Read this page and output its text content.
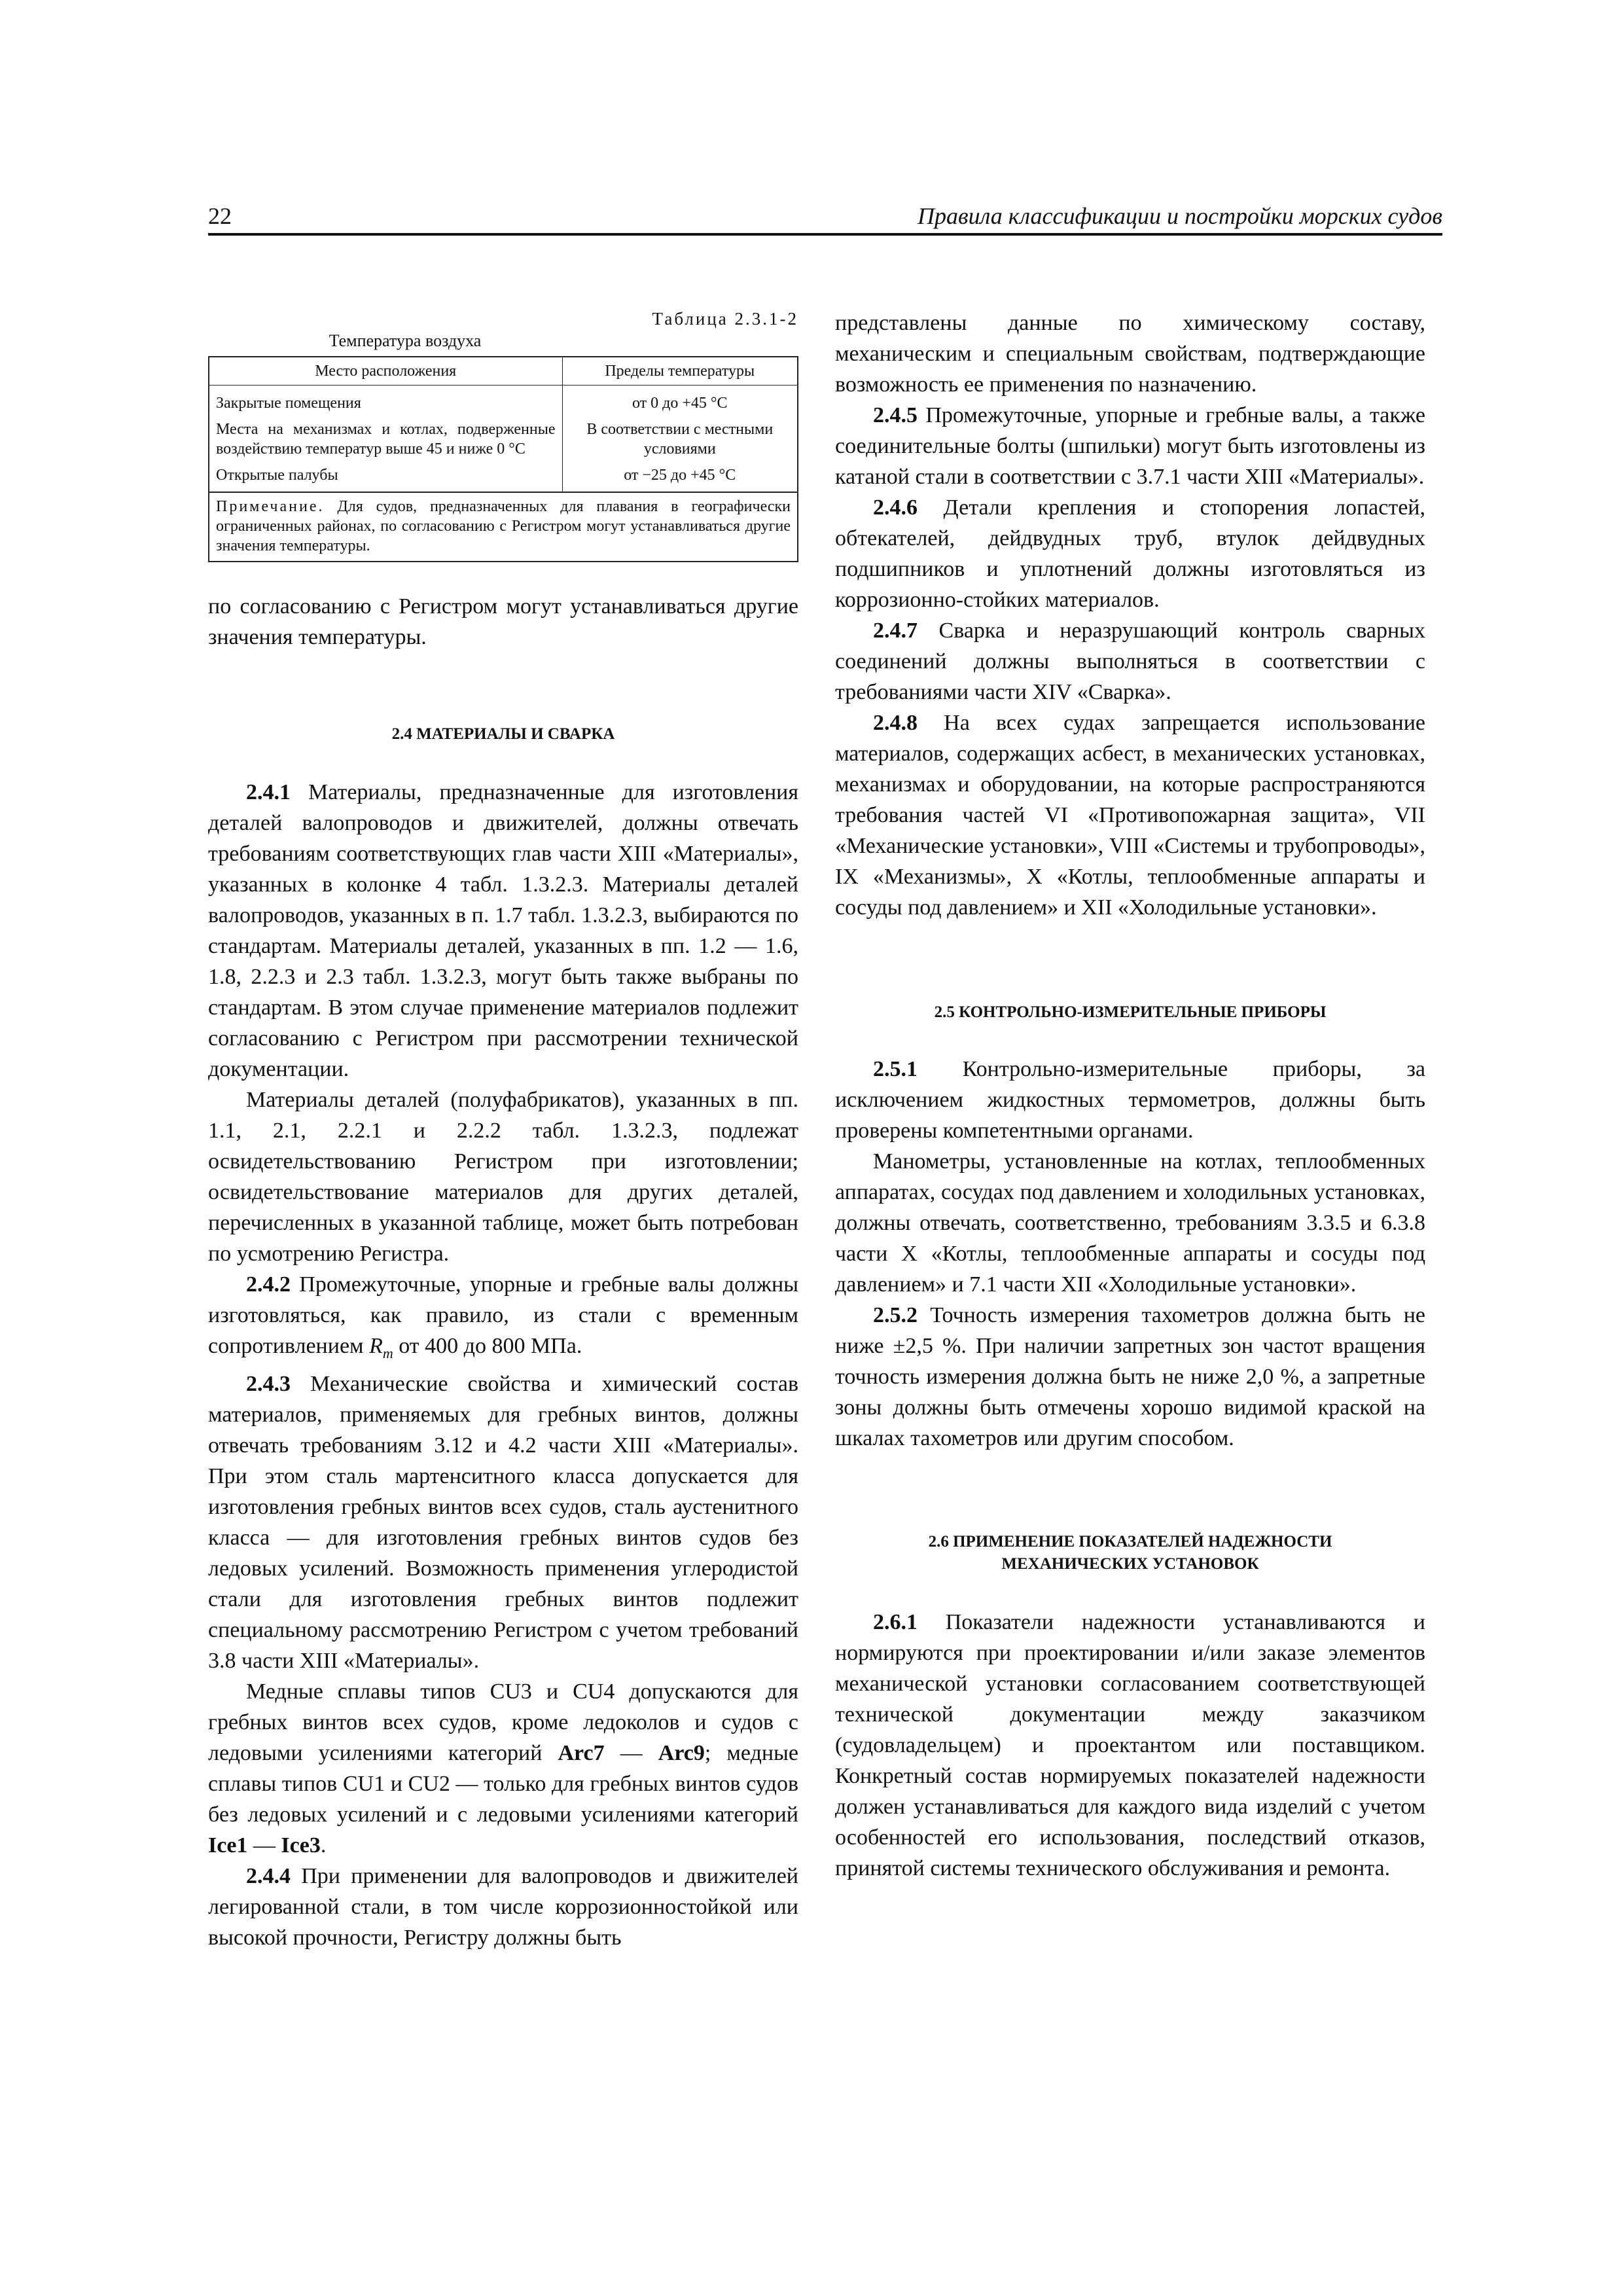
22	Правила классификации и постройки морских судов
Таблица 2.3.1-2
Температура воздуха
Место расположения	Пределы температуры
Закрытые помещения	от 0 до +45 °С
Места на механизмах и котлах, подверженные воздействию температур выше 45 и ниже 0 °С	В соответствии с местными условиями
Открытые палубы	от −25 до +45 °С
Примечание. Для судов, предназначенных для плавания в географически ограниченных районах, по согласованию с Регистром могут устанавливаться другие значения температуры.	

по согласованию с Регистром могут устанавливаться другие значения температуры.

2.4 МАТЕРИАЛЫ И СВАРКА

2.4.1 Материалы, предназначенные для изготовления деталей валопроводов и движителей, должны отвечать требованиям соответствующих глав части XIII «Материалы», указанных в колонке 4 табл. 1.3.2.3. Материалы деталей валопроводов, указанных в п. 1.7 табл. 1.3.2.3, выбираются по стандартам. Материалы деталей, указанных в пп. 1.2 — 1.6, 1.8, 2.2.3 и 2.3 табл. 1.3.2.3, могут быть также выбраны по стандартам. В этом случае применение материалов подлежит согласованию с Регистром при рассмотрении технической документации.

Материалы деталей (полуфабрикатов), указанных в пп. 1.1, 2.1, 2.2.1 и 2.2.2 табл. 1.3.2.3, подлежат освидетельствованию Регистром при изготовлении; освидетельствование материалов для других деталей, перечисленных в указанной таблице, может быть потребован по усмотрению Регистра.

2.4.2 Промежуточные, упорные и гребные валы должны изготовляться, как правило, из стали с временным сопротивлением $R_m$ от 400 до 800 МПа.

2.4.3 Механические свойства и химический состав материалов, применяемых для гребных винтов, должны отвечать требованиям 3.12 и 4.2 части XIII «Материалы». При этом сталь мартенситного класса допускается для изготовления гребных винтов всех судов, сталь аустенитного класса — для изготовления гребных винтов судов без ледовых усилений. Возможность применения углеродистой стали для изготовления гребных винтов подлежит специальному рассмотрению Регистром с учетом требований 3.8 части XIII «Материалы».

Медные сплавы типов CU3 и CU4 допускаются для гребных винтов всех судов, кроме ледоколов и судов с ледовыми усилениями категорий Arc7 — Arc9; медные сплавы типов CU1 и CU2 — только для гребных винтов судов без ледовых усилений и с ледовыми усилениями категорий Ice1 — Ice3.

2.4.4 При применении для валопроводов и движителей легированной стали, в том числе коррозионностойкой или высокой прочности, Регистру должны быть

представлены данные по химическому составу, механическим и специальным свойствам, подтверждающие возможность ее применения по назначению.

2.4.5 Промежуточные, упорные и гребные валы, а также соединительные болты (шпильки) могут быть изготовлены из катаной стали в соответствии с 3.7.1 части XIII «Материалы».

2.4.6 Детали крепления и стопорения лопастей, обтекателей, дейдвудных труб, втулок дейдвудных подшипников и уплотнений должны изготовляться из коррозионно-стойких материалов.

2.4.7 Сварка и неразрушающий контроль сварных соединений должны выполняться в соответствии с требованиями части XIV «Сварка».

2.4.8 На всех судах запрещается использование материалов, содержащих асбест, в механических установках, механизмах и оборудовании, на которые распространяются требования частей VI «Противопожарная защита», VII «Механические установки», VIII «Системы и трубопроводы», IX «Механизмы», X «Котлы, теплообменные аппараты и сосуды под давлением» и XII «Холодильные установки».

2.5 КОНТРОЛЬНО-ИЗМЕРИТЕЛЬНЫЕ ПРИБОРЫ

2.5.1 Контрольно-измерительные приборы, за исключением жидкостных термометров, должны быть проверены компетентными органами.

Манометры, установленные на котлах, теплообменных аппаратах, сосудах под давлением и холодильных установках, должны отвечать, соответственно, требованиям 3.3.5 и 6.3.8 части X «Котлы, теплообменные аппараты и сосуды под давлением» и 7.1 части XII «Холодильные установки».

2.5.2 Точность измерения тахометров должна быть не ниже ±2,5 %. При наличии запретных зон частот вращения точность измерения должна быть не ниже 2,0 %, а запретные зоны должны быть отмечены хорошо видимой краской на шкалах тахометров или другим способом.

2.6 ПРИМЕНЕНИЕ ПОКАЗАТЕЛЕЙ НАДЕЖНОСТИ
МЕХАНИЧЕСКИХ УСТАНОВОК

2.6.1 Показатели надежности устанавливаются и нормируются при проектировании и/или заказе элементов механической установки согласованием соответствующей технической документации между заказчиком (судовладельцем) и проектантом или поставщиком. Конкретный состав нормируемых показателей надежности должен устанавливаться для каждого вида изделий с учетом особенностей его использования, последствий отказов, принятой системы технического обслуживания и ремонта.
